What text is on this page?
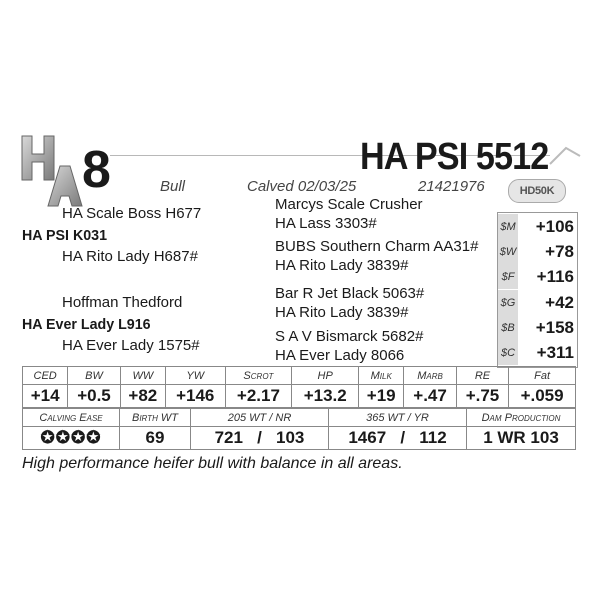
8	HA PSI 5512
Bull	Calved 02/03/25	21421976	HD50K
HA Scale Boss H677
HA PSI K031
HA Rito Lady H687#
Hoffman Thedford
HA Ever Lady L916
HA Ever Lady 1575#
Marcys Scale Crusher
HA Lass 3303#
BUBS Southern Charm AA31#
HA Rito Lady 3839#
Bar R Jet Black 5063#
HA Rito Lady 3839#
S A V Bismarck 5682#
HA Ever Lady 8066
$M	+106
$W	+78
$F	+116
$G	+42
$B	+158
$C	+311
CED	BW	WW	YW	Scrot	HP	Milk	Marb	RE	Fat
+14	+0.5	+82	+146	+2.17	+13.2	+19	+.47	+.75	+.059
Calving Ease	Birth WT	205 WT / NR	365 WT / YR	Dam Production
✪✪✪✪	69	721   /   103	1467   /   112	1 WR 103
High performance heifer bull with balance in all areas.
